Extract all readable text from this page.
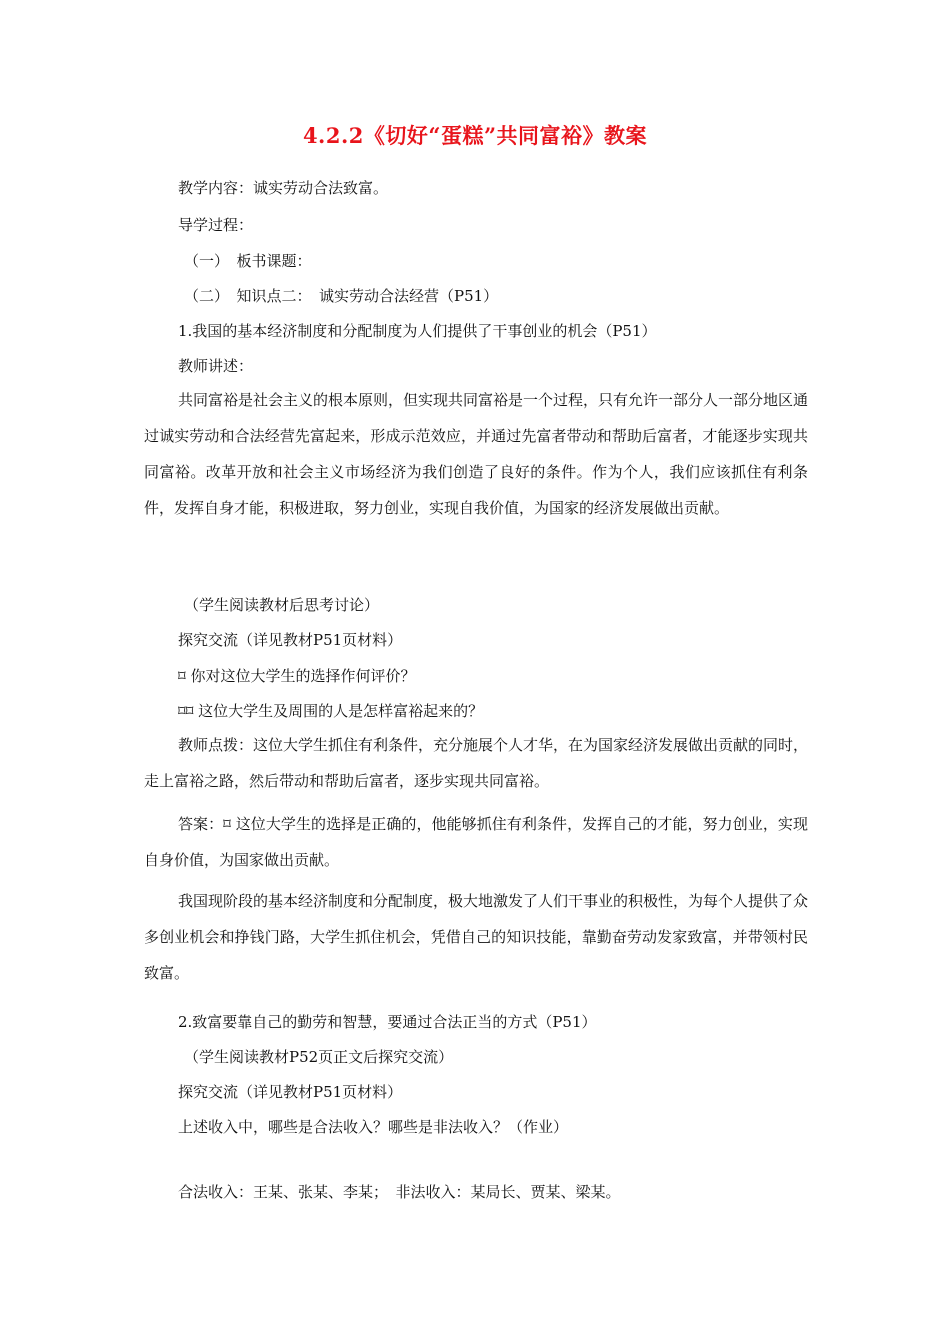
4.2.2《切好“蛋糕”共同富裕》教案
教学内容：诚实劳动合法致富。
导学过程：
（一）　板书课题：
（二）　知识点二：　诚实劳动合法经营（P51）
1.我国的基本经济制度和分配制度为人们提供了干事创业的机会（P51）
教师讲述：
共同富裕是社会主义的根本原则，但实现共同富裕是一个过程，只有允许一部分人一部分地区通过诚实劳动和合法经营先富起来，形成示范效应，并通过先富者带动和帮助后富者，才能逐步实现共同富裕。改革开放和社会主义市场经济为我们创造了良好的条件。作为个人，我们应该抓住有利条件，发挥自身才能，积极进取，努力创业，实现自我价值，为国家的经济发展做出贡献。
（学生阅读教材后思考讨论）
探究交流（详见教材P51页材料）
⌑ 你对这位大学生的选择作何评价？
⌑⌑ 这位大学生及周围的人是怎样富裕起来的？
教师点拨：这位大学生抓住有利条件，充分施展个人才华，在为国家经济发展做出贡献的同时，走上富裕之路，然后带动和帮助后富者，逐步实现共同富裕。
答案：⌑ 这位大学生的选择是正确的，他能够抓住有利条件，发挥自己的才能，努力创业，实现自身价值，为国家做出贡献。
我国现阶段的基本经济制度和分配制度，极大地激发了人们干事业的积极性，为每个人提供了众多创业机会和挣钱门路，大学生抓住机会，凭借自己的知识技能，靠勤奋劳动发家致富，并带领村民致富。
2.致富要靠自己的勤劳和智慧，要通过合法正当的方式（P51）
（学生阅读教材P52页正文后探究交流）
探究交流（详见教材P51页材料）
上述收入中，哪些是合法收入？哪些是非法收入？（作业）
合法收入：王某、张某、李某；　非法收入：某局长、贾某、梁某。
